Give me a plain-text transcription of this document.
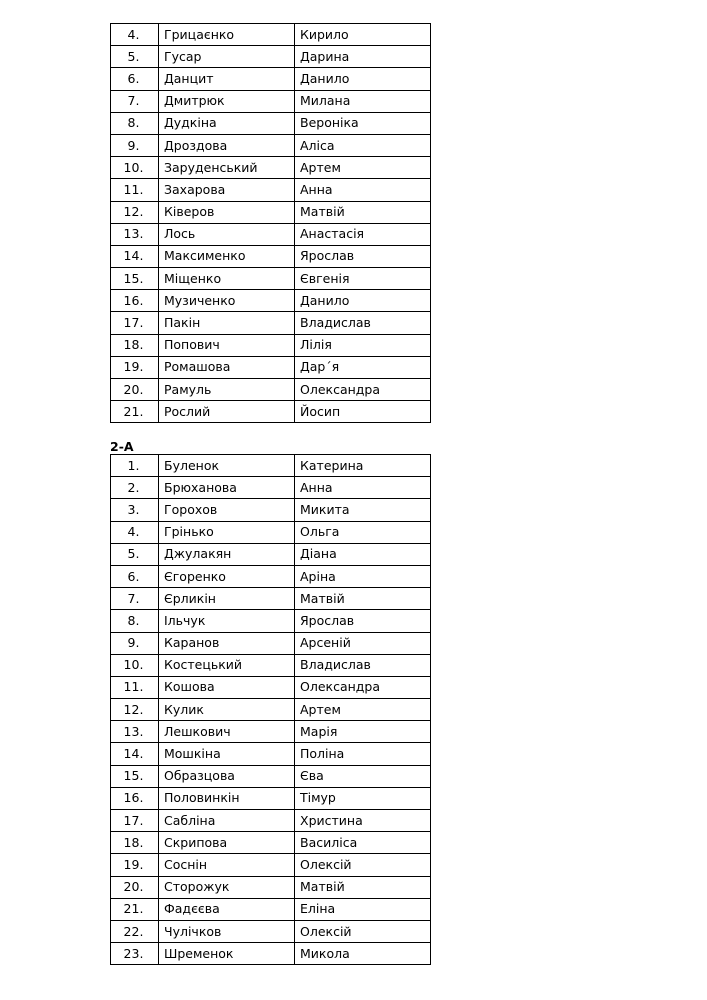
4.	Грицаєнко	Кирило
5.	Гусар	Дарина
6.	Данцит	Данило
7.	Дмитрюк	Милана
8.	Дудкіна	Вероніка
9.	Дроздова	Аліса
10.	Заруденський	Артем
11.	Захарова	Анна
12.	Ківеров	Матвій
13.	Лось	Анастасія
14.	Максименко	Ярослав
15.	Міщенко	Євгенія
16.	Музиченко	Данило
17.	Пакін	Владислав
18.	Попович	Лілія
19.	Ромашова	Дар´я
20.	Рамуль	Олександра
21.	Рослий	Йосип
2-А
1.	Буленок	Катерина
2.	Брюханова	Анна
3.	Горохов	Микита
4.	Грінько	Ольга
5.	Джулакян	Діана
6.	Єгоренко	Аріна
7.	Єрликін	Матвій
8.	Ільчук	Ярослав
9.	Каранов	Арсеній
10.	Костецький	Владислав
11.	Кошова	Олександра
12.	Кулик	Артем
13.	Лешкович	Марія
14.	Мошкіна	Поліна
15.	Образцова	Єва
16.	Половинкін	Тімур
17.	Сабліна	Христина
18.	Скрипова	Василіса
19.	Соснін	Олексій
20.	Сторожук	Матвій
21.	Фадєєва	Еліна
22.	Чулічков	Олексій
23.	Шременок	Микола
